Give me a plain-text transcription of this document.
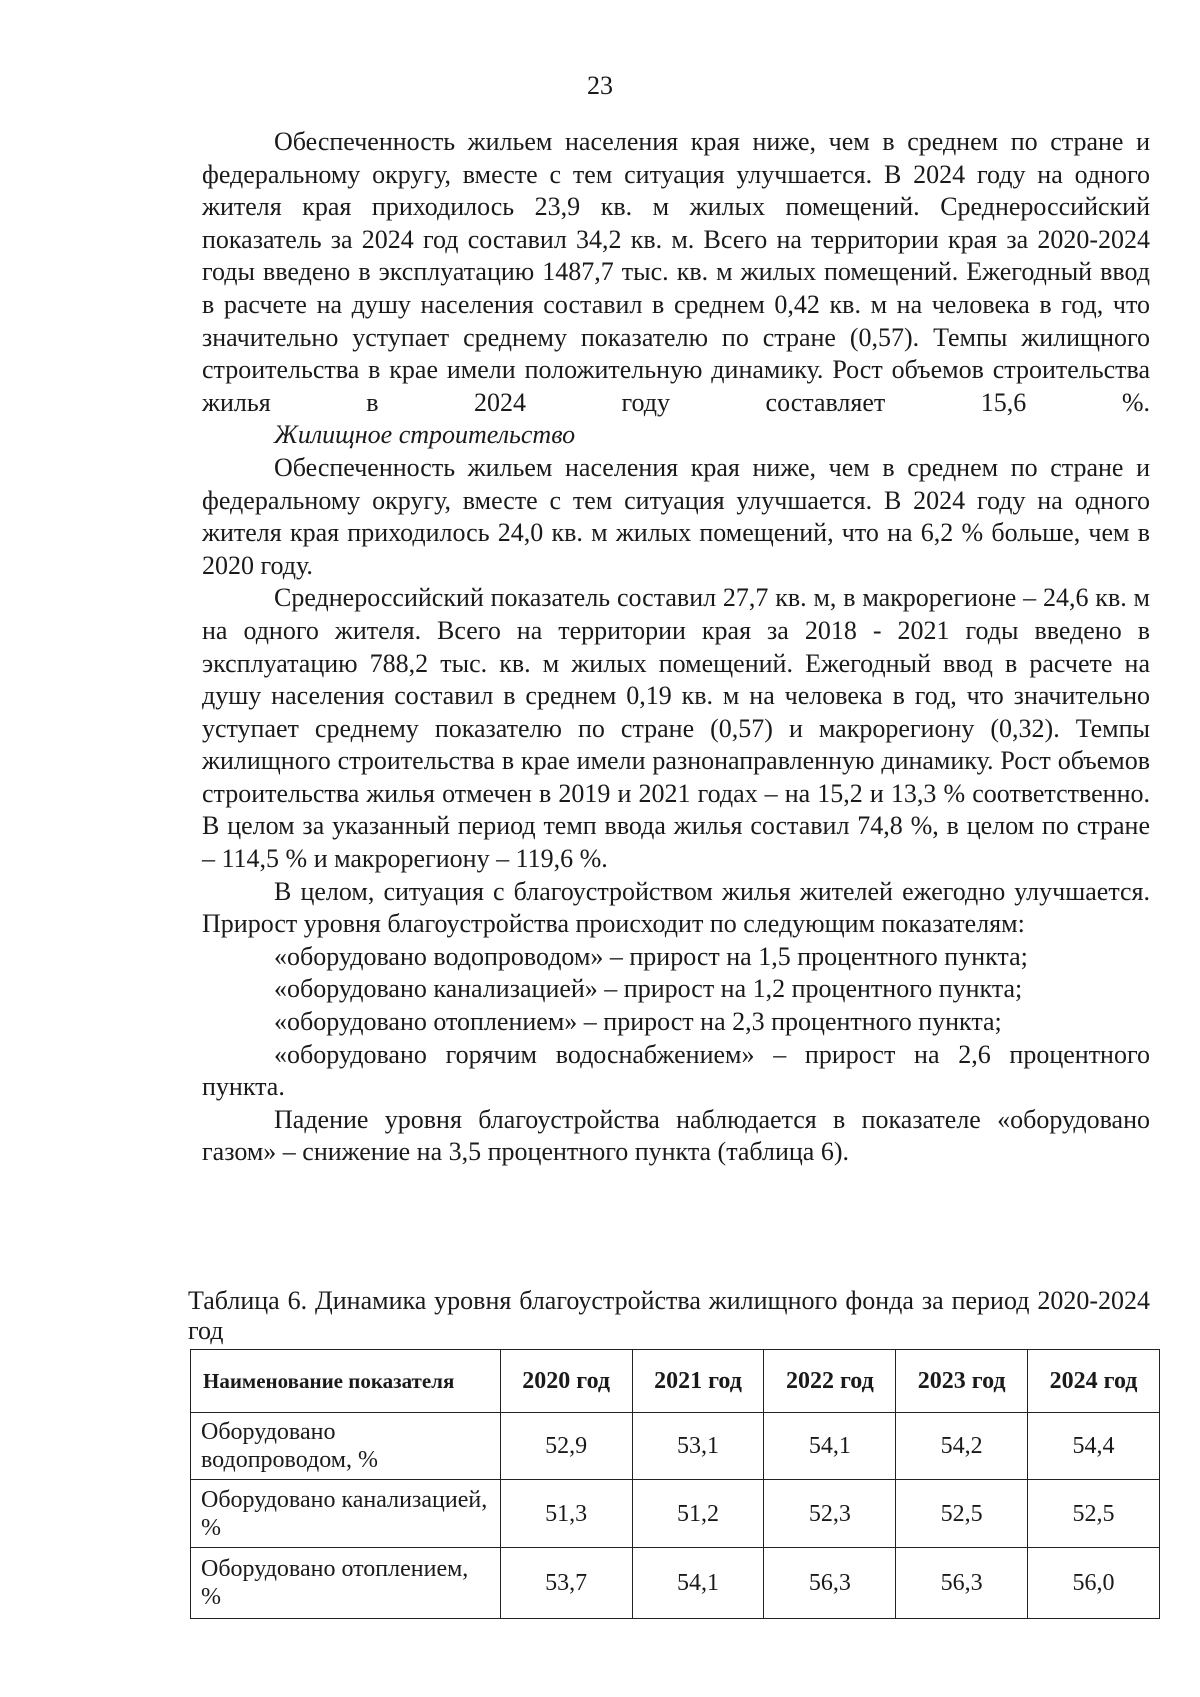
23

Обеспеченность жильем населения края ниже, чем в среднем по стране и федеральному округу, вместе с тем ситуация улучшается. В 2024 году на одного жителя края приходилось 23,9 кв. м жилых помещений. Среднероссийский показатель за 2024 год составил 34,2 кв. м. Всего на территории края за 2020-2024 годы введено в эксплуатацию 1487,7 тыс. кв. м жилых помещений. Ежегодный ввод в расчете на душу населения составил в среднем 0,42 кв. м на человека в год, что значительно уступает среднему показателю по стране (0,57). Темпы жилищного строительства в крае имели положительную динамику. Рост объемов строительства жилья в 2024 году составляет 15,6 %.

Жилищное строительство

Обеспеченность жильем населения края ниже, чем в среднем по стране и федеральному округу, вместе с тем ситуация улучшается. В 2024 году на одного жителя края приходилось 24,0 кв. м жилых помещений, что на 6,2 % больше, чем в 2020 году.

Среднероссийский показатель составил 27,7 кв. м, в макрорегионе – 24,6 кв. м на одного жителя. Всего на территории края за 2018 - 2021 годы введено в эксплуатацию 788,2 тыс. кв. м жилых помещений. Ежегодный ввод в расчете на душу населения составил в среднем 0,19 кв. м на человека в год, что значительно уступает среднему показателю по стране (0,57) и макрорегиону (0,32). Темпы жилищного строительства в крае имели разнонаправленную динамику. Рост объемов строительства жилья отмечен в 2019 и 2021 годах – на 15,2 и 13,3 % соответственно. В целом за указанный период темп ввода жилья составил 74,8 %, в целом по стране – 114,5 % и макрорегиону – 119,6 %.

В целом, ситуация с благоустройством жилья жителей ежегодно улучшается. Прирост уровня благоустройства происходит по следующим показателям:

«оборудовано водопроводом» – прирост на 1,5 процентного пункта;

«оборудовано канализацией» – прирост на 1,2 процентного пункта;

«оборудовано отоплением» – прирост на 2,3 процентного пункта;

«оборудовано горячим водоснабжением» – прирост на 2,6 процентного пункта.

Падение уровня благоустройства наблюдается в показателе «оборудовано газом» – снижение на 3,5 процентного пункта (таблица 6).

Таблица 6. Динамика уровня благоустройства жилищного фонда за период 2020-2024 год
Наименование показателя	2020 год	2021 год	2022 год	2023 год	2024 год
Оборудовано водопроводом, %	52,9	53,1	54,1	54,2	54,4
Оборудовано канализацией, %	51,3	51,2	52,3	52,5	52,5
Оборудовано отоплением, %	53,7	54,1	56,3	56,3	56,0
